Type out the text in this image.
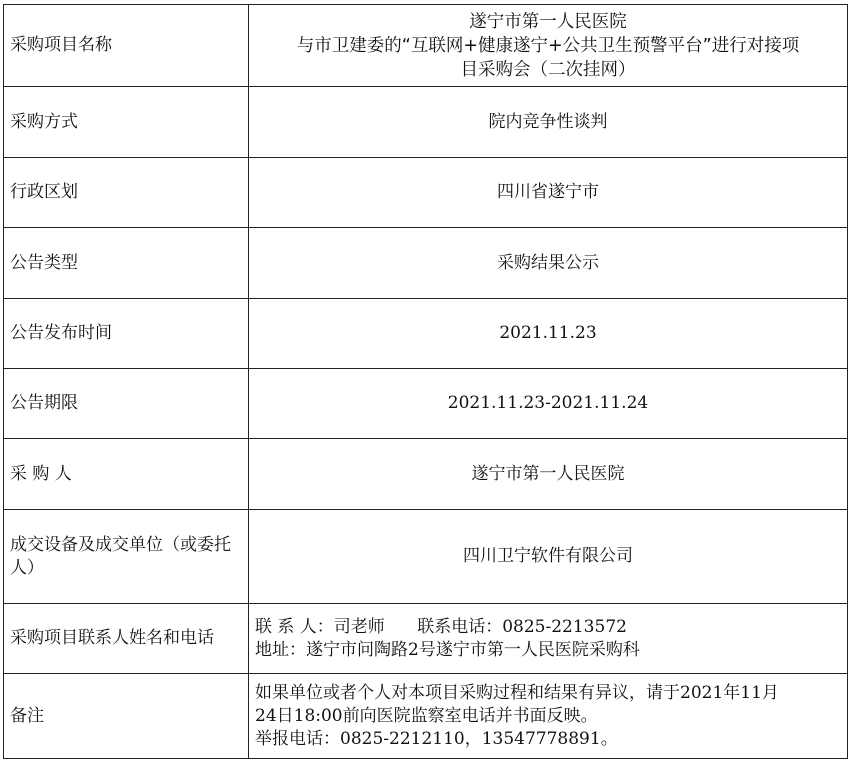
采购项目名称	遂宁市第一人民医院
与市卫建委的“互联网+健康遂宁+公共卫生预警平台”进行对接项
目采购会（二次挂网）

采购方式	院内竞争性谈判
行政区划	四川省遂宁市
公告类型	采购结果公示
公告发布时间	2021.11.23
公告期限	2021.11.23-2021.11.24
采 购 人	遂宁市第一人民医院
成交设备及成交单位（或委托人）	四川卫宁软件有限公司
采购项目联系人姓名和电话	联 系 人：司老师      联系电话：0825-2213572
地址：遂宁市问陶路2号遂宁市第一人民医院采购科

备注	如果单位或者个人对本项目采购过程和结果有异议，请于2021年11月
24日18:00前向医院监察室电话并书面反映。
举报电话：0825-2212110，13547778891。
